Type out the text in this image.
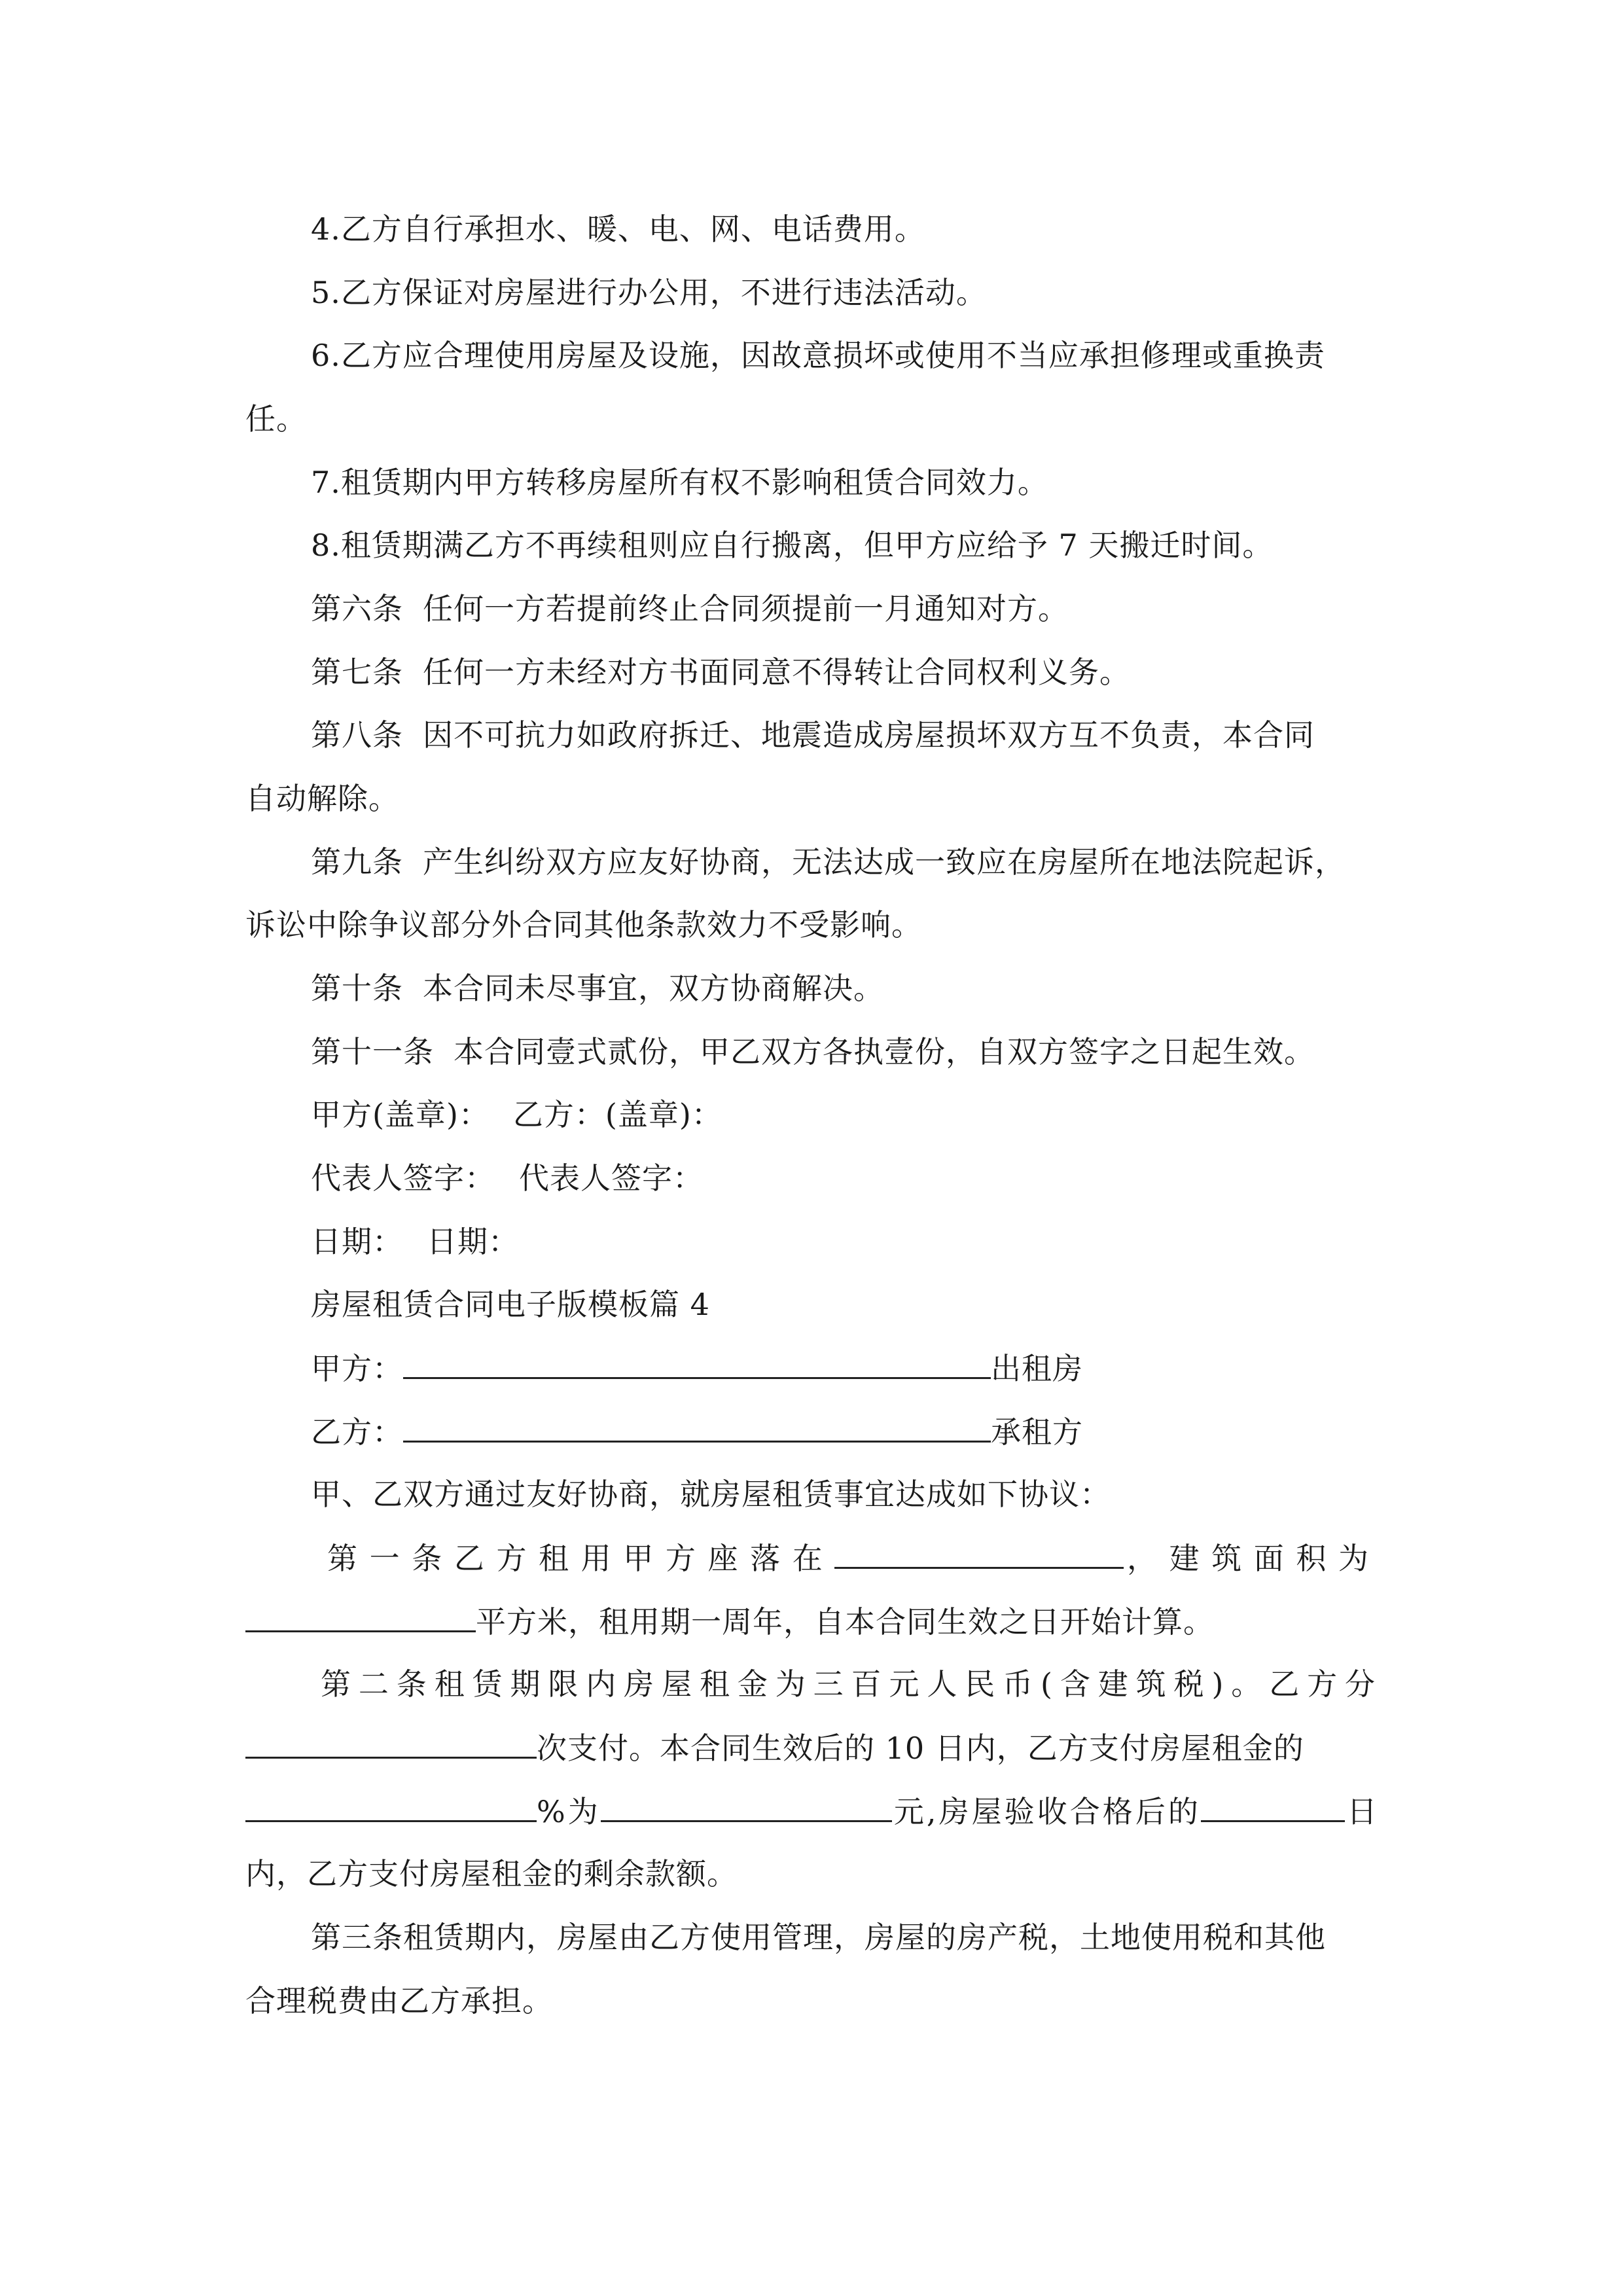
4.乙方自行承担水、暖、电、网、电话费用。
5.乙方保证对房屋进行办公用，不进行违法活动。
6.乙方应合理使用房屋及设施，因故意损坏或使用不当应承担修理或重换责
任。
7.租赁期内甲方转移房屋所有权不影响租赁合同效力。
8.租赁期满乙方不再续租则应自行搬离，但甲方应给予 7 天搬迁时间。
第六条 任何一方若提前终止合同须提前一月通知对方。
第七条 任何一方未经对方书面同意不得转让合同权利义务。
第八条 因不可抗力如政府拆迁、地震造成房屋损坏双方互不负责，本合同
自动解除。
第九条 产生纠纷双方应友好协商，无法达成一致应在房屋所在地法院起诉，
诉讼中除争议部分外合同其他条款效力不受影响。
第十条 本合同未尽事宜，双方协商解决。
第十一条 本合同壹式贰份，甲乙双方各执壹份，自双方签字之日起生效。
甲方(盖章)： 乙方：(盖章)：
代表人签字： 代表人签字：
日期： 日期：
房屋租赁合同电子版模板篇 4
甲方：	出租房
乙方：	承租方
甲、乙双方通过友好协商，就房屋租赁事宜达成如下协议：
第一条乙方租用甲方座落在	，建筑面积为
平方米，租用期一周年，自本合同生效之日开始计算。
第二条租赁期限内房屋租金为三百元人民币(含建筑税)。乙方分
次支付。本合同生效后的 10 日内，乙方支付房屋租金的
%为	元,房屋验收合格后的	日
内，乙方支付房屋租金的剩余款额。
第三条租赁期内，房屋由乙方使用管理，房屋的房产税，土地使用税和其他
合理税费由乙方承担。
